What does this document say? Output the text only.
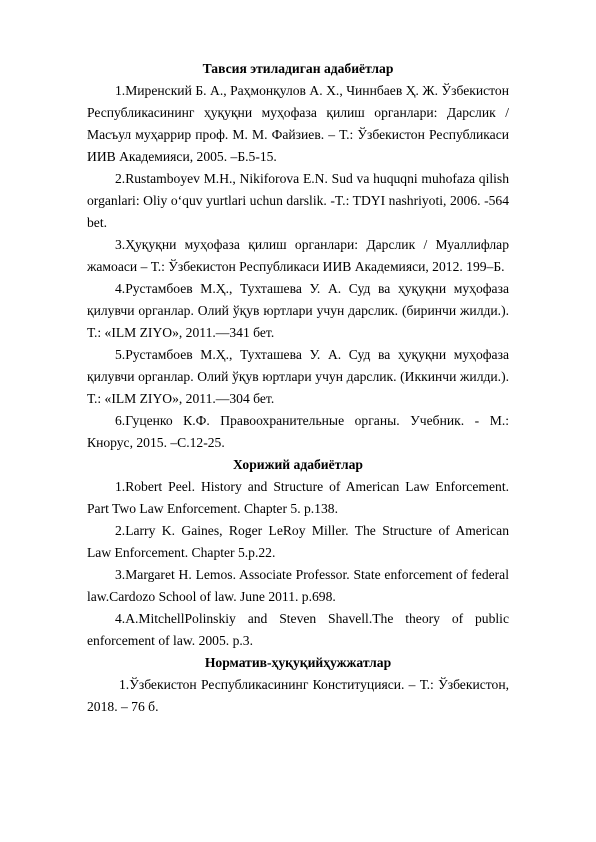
Тавсия этиладиган адабиётлар

1.Миренский Б. А., Раҳмонқулов А. Х., Чиннбаев Ҳ. Ж. Ўзбекистон Республикасининг ҳуқуқни муҳофаза қилиш органлари: Дарслик / Масъул муҳаррир проф. М. М. Файзиев. – Т.: Ўзбекистон Республикаси ИИВ Академияси, 2005. –Б.5-15.

2.Rustamboyev M.H., Nikiforova E.N. Sud va huquqni muhofaza qilish organlari: Oliy o‘quv yurtlari uchun darslik. -T.: TDYI nashriyoti, 2006. -564 bet.

3.Ҳуқуқни муҳофаза қилиш органлари: Дарслик / Муаллифлар жамоаси – Т.: Ўзбекистон Республикаси ИИВ Академияси, 2012. 199–Б.

4.Рустамбоев М.Ҳ., Тухташева У. А. Суд ва ҳуқуқни муҳофаза қилувчи органлар. Олий ўқув юртлари учун дарслик. (биринчи жилди.). Т.: «ILM ZIYO», 2011.—341 бет.

5.Рустамбоев М.Ҳ., Тухташева У. А. Суд ва ҳуқуқни муҳофаза қилувчи органлар. Олий ўқув юртлари учун дарслик. (Иккинчи жилди.). Т.: «ILM ZIYO», 2011.—304 бет.

6.Гуценко К.Ф. Правоохранительные органы. Учебник. - М.: Кнорус, 2015. –С.12-25.

Хорижий адабиётлар

1.Robert Peel. History and Structure of American Law Enforcement. Part Two Law Enforcement. Chapter 5. p.138.

2.Larry K. Gaines, Roger LeRoy Miller. The Structure of American Law Enforcement. Chapter 5.p.22.

3.Margaret H. Lemos. Associate Professor. State enforcement of federal law.Cardozo School of law. June 2011. p.698.

4.A.MitchellPolinskiy and Steven Shavell.The theory of public enforcement of law. 2005. p.3.

Норматив-ҳуқуқийҳужжатлар

1.Ўзбекистон Республикасининг Конституцияси. – Т.: Ўзбекистон, 2018. – 76 б.
